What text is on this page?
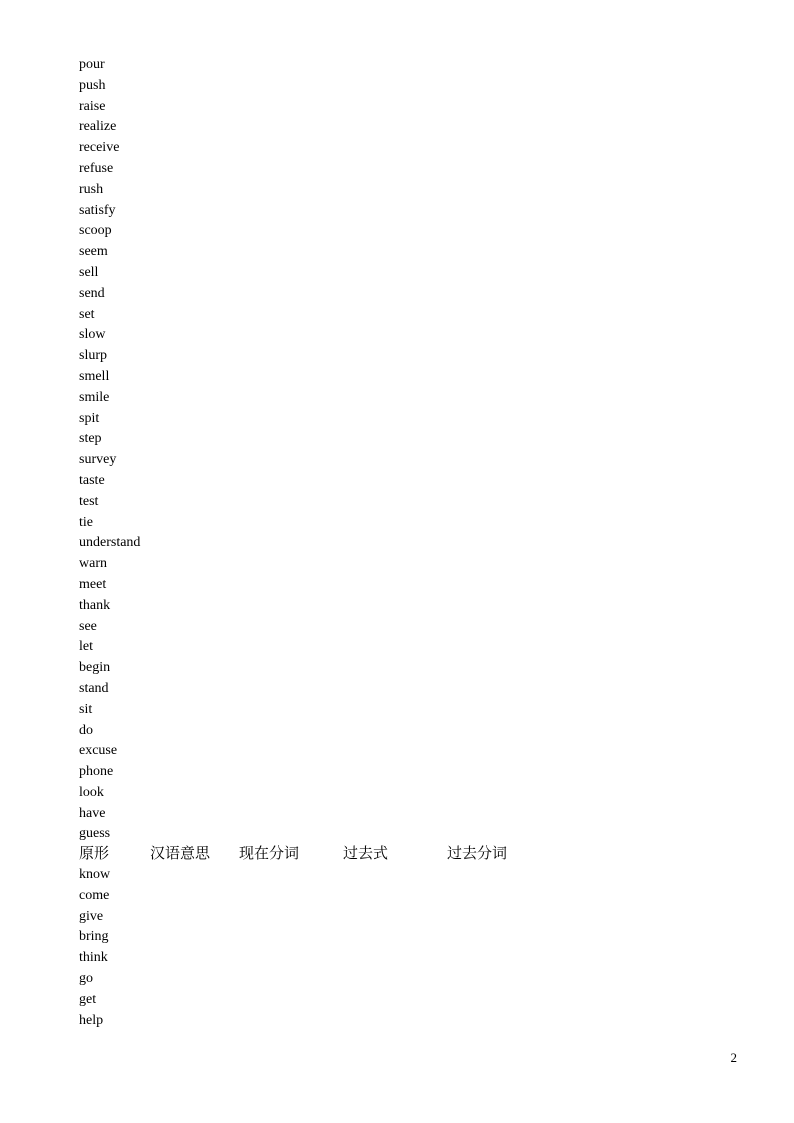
pour
push
raise
realize
receive
refuse
rush
satisfy
scoop
seem
sell
send
set
slow
slurp
smell
smile
spit
step
survey
taste
test
tie
understand
warn
meet
thank
see
let
begin
stand
sit
do
excuse
phone
look
have
guess
原形	汉语意思 现在分词	过去式	过去分词
know
come
give
bring
think
go
get
help
2
